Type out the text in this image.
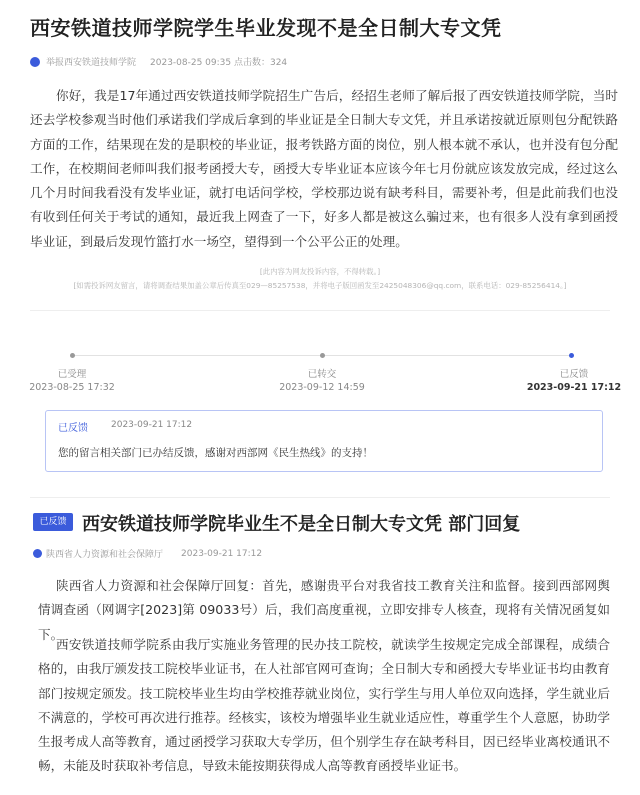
西安铁道技师学院学生毕业发现不是全日制大专文凭
举报西安铁道技师学院 2023-08-25 09:35 点击数：324
你好，我是17年通过西安铁道技师学院招生广告后，经招生老师了解后报了西安铁道技师学院，当时还去学校参观当时他们承诺我们学成后拿到的毕业证是全日制大专文凭，并且承诺按就近原则包分配铁路方面的工作，结果现在发的是职校的毕业证，报考铁路方面的岗位，别人根本就不承认，也并没有包分配工作，在校期间老师叫我们报考函授大专，函授大专毕业证本应该今年七月份就应该发放完成，经过这么几个月时间我看没有发毕业证，就打电话问学校，学校那边说有缺考科目，需要补考，但是此前我们也没有收到任何关于考试的通知，最近我上网查了一下，好多人都是被这么骗过来，也有很多人没有拿到函授毕业证，到最后发现竹篮打水一场空，望得到一个公平公正的处理。
[此内容为网友投诉内容，不得转载。]
[如需投诉网友留言，请将调查结果加盖公章后传真至029—85257538，并将电子版回函发至2425048306@qq.com，联系电话：029-85256414。]
已受理
2023-08-25 17:32
已转交
2023-09-12 14:59
已反馈
2023-09-21 17:12
已反馈	2023-09-21 17:12
您的留言相关部门已办结反馈，感谢对西部网《民生热线》的支持！
已反馈 西安铁道技师学院毕业生不是全日制大专文凭 部门回复
陕西省人力资源和社会保障厅 2023-09-21 17:12
陕西省人力资源和社会保障厅回复：首先，感谢贵平台对我省技工教育关注和监督。接到西部网舆情调查函（网调字[2023]第 09033号）后，我们高度重视，立即安排专人核查，现将有关情况函复如下。
西安铁道技师学院系由我厅实施业务管理的民办技工院校，就读学生按规定完成全部课程，成绩合格的，由我厅颁发技工院校毕业证书，在人社部官网可查询；全日制大专和函授大专毕业证书均由教育部门按规定颁发。技工院校毕业生均由学校推荐就业岗位，实行学生与用人单位双向选择，学生就业后不满意的，学校可再次进行推荐。经核实，该校为增强毕业生就业适应性，尊重学生个人意愿，协助学生报考成人高等教育，通过函授学习获取大专学历，但个别学生存在缺考科目，因已经毕业离校通讯不畅，未能及时获取补考信息，导致未能按期获得成人高等教育函授毕业证书。
